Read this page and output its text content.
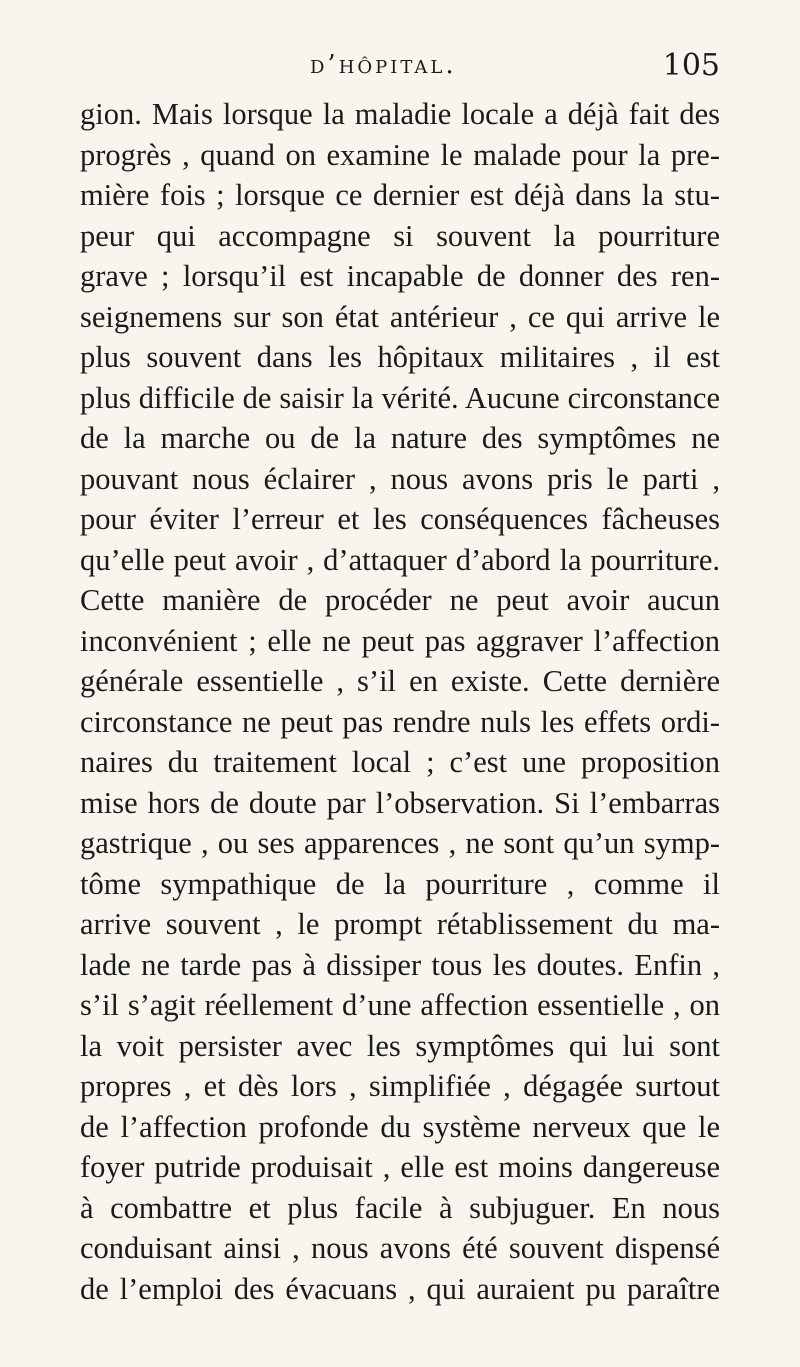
d’hôpital.	105
gion. Mais lorsque la maladie locale a déjà fait des
progrès , quand on examine le malade pour la pre-
mière fois ; lorsque ce dernier est déjà dans la stu-
peur qui accompagne si souvent la pourriture
grave ; lorsqu’il est incapable de donner des ren-
seignemens sur son état antérieur , ce qui arrive le
plus souvent dans les hôpitaux militaires , il est
plus difficile de saisir la vérité. Aucune circonstance
de la marche ou de la nature des symptômes ne
pouvant nous éclairer , nous avons pris le parti ,
pour éviter l’erreur et les conséquences fâcheuses
qu’elle peut avoir , d’attaquer d’abord la pourriture.
Cette manière de procéder ne peut avoir aucun
inconvénient ; elle ne peut pas aggraver l’affection
générale essentielle , s’il en existe. Cette dernière
circonstance ne peut pas rendre nuls les effets ordi-
naires du traitement local ; c’est une proposition
mise hors de doute par l’observation. Si l’embarras
gastrique , ou ses apparences , ne sont qu’un symp-
tôme sympathique de la pourriture , comme il
arrive souvent , le prompt rétablissement du ma-
lade ne tarde pas à dissiper tous les doutes. Enfin ,
s’il s’agit réellement d’une affection essentielle , on
la voit persister avec les symptômes qui lui sont
propres , et dès lors , simplifiée , dégagée surtout
de l’affection profonde du système nerveux que le
foyer putride produisait , elle est moins dangereuse
à combattre et plus facile à subjuguer. En nous
conduisant ainsi , nous avons été souvent dispensé
de l’emploi des évacuans , qui auraient pu paraître
